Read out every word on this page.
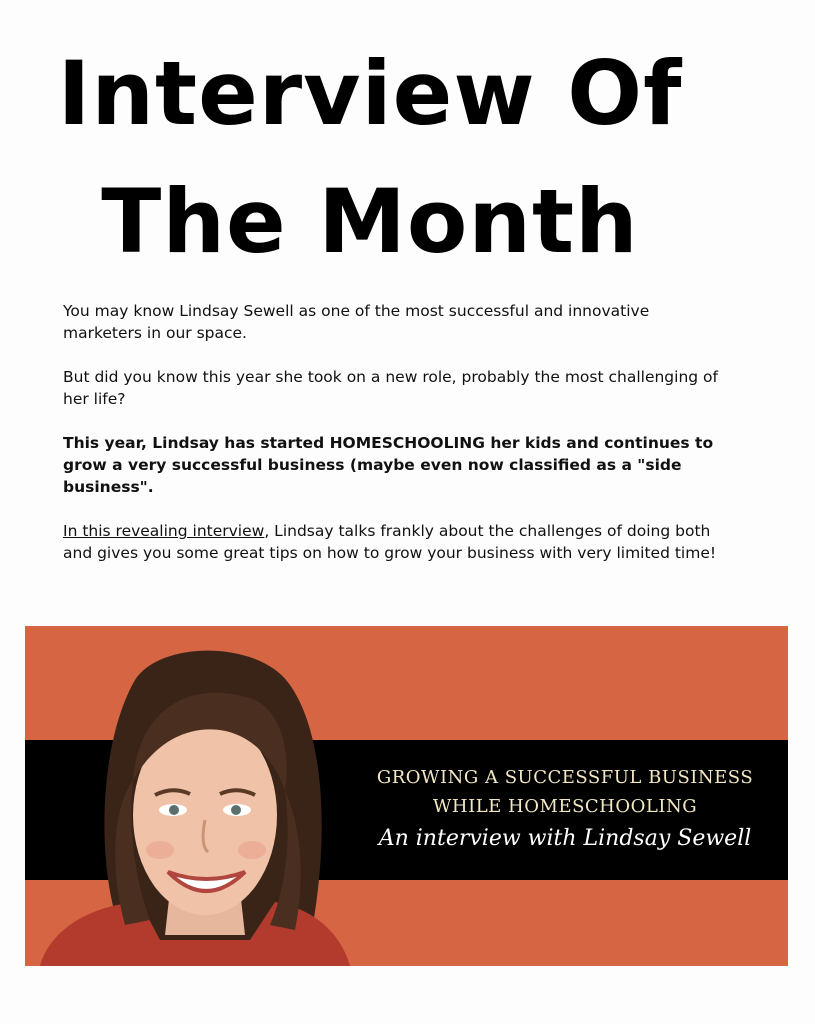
Interview Of
The Month

You may know Lindsay Sewell as one of the most successful and innovative marketers in our space.

But did you know this year she took on a new role, probably the most challenging of her life?

This year, Lindsay has started HOMESCHOOLING her kids and continues to grow a very successful business (maybe even now classified as a "side business".

In this revealing interview, Lindsay talks frankly about the challenges of doing both and gives you some great tips on how to grow your business with very limited time!

GROWING A SUCCESSFUL BUSINESS
WHILE HOMESCHOOLING
An interview with Lindsay Sewell
